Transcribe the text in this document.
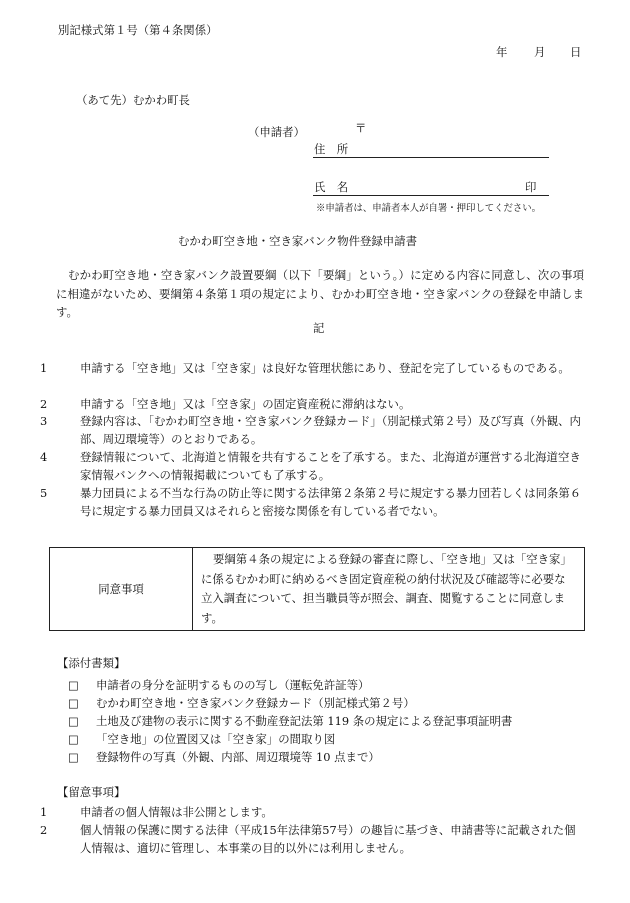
別記様式第１号（第４条関係）
年 月 日
（あて先）むかわ町長
（申請者）	〒
住　所
氏　名	印
※申請者は、申請者本人が自署・押印してください。
むかわ町空き地・空き家バンク物件登録申請書
むかわ町空き地・空き家バンク設置要綱（以下「要綱」という。）に定める内容に同意し、次の事項に相違がないため、要綱第４条第１項の規定により、むかわ町空き地・空き家バンクの登録を申請します。
記
1	申請する「空き地」又は「空き家」は良好な管理状態にあり、登記を完了しているものである。
2	申請する「空き地」又は「空き家」の固定資産税に滞納はない。
3	登録内容は、「むかわ町空き地・空き家バンク登録カード」（別記様式第２号）及び写真（外観、内部、周辺環境等）のとおりである。
4	登録情報について、北海道と情報を共有することを了承する。また、北海道が運営する北海道空き家情報バンクへの情報掲載についても了承する。
5	暴力団員による不当な行為の防止等に関する法律第２条第２号に規定する暴力団若しくは同条第６号に規定する暴力団員又はそれらと密接な関係を有している者でない。
同意事項	要綱第４条の規定による登録の審査に際し、「空き地」又は「空き家」に係るむかわ町に納めるべき固定資産税の納付状況及び確認等に必要な立入調査について、担当職員等が照会、調査、閲覧することに同意します。
【添付書類】
□ 申請者の身分を証明するものの写し（運転免許証等）
□ むかわ町空き地・空き家バンク登録カード（別記様式第２号）
□ 土地及び建物の表示に関する不動産登記法第 119 条の規定による登記事項証明書
□ 「空き地」の位置図又は「空き家」の間取り図
□ 登録物件の写真（外観、内部、周辺環境等 10 点まで）
【留意事項】
1	申請者の個人情報は非公開とします。
2	個人情報の保護に関する法律（平成15年法律第57号）の趣旨に基づき、申請書等に記載された個人情報は、適切に管理し、本事業の目的以外には利用しません。
